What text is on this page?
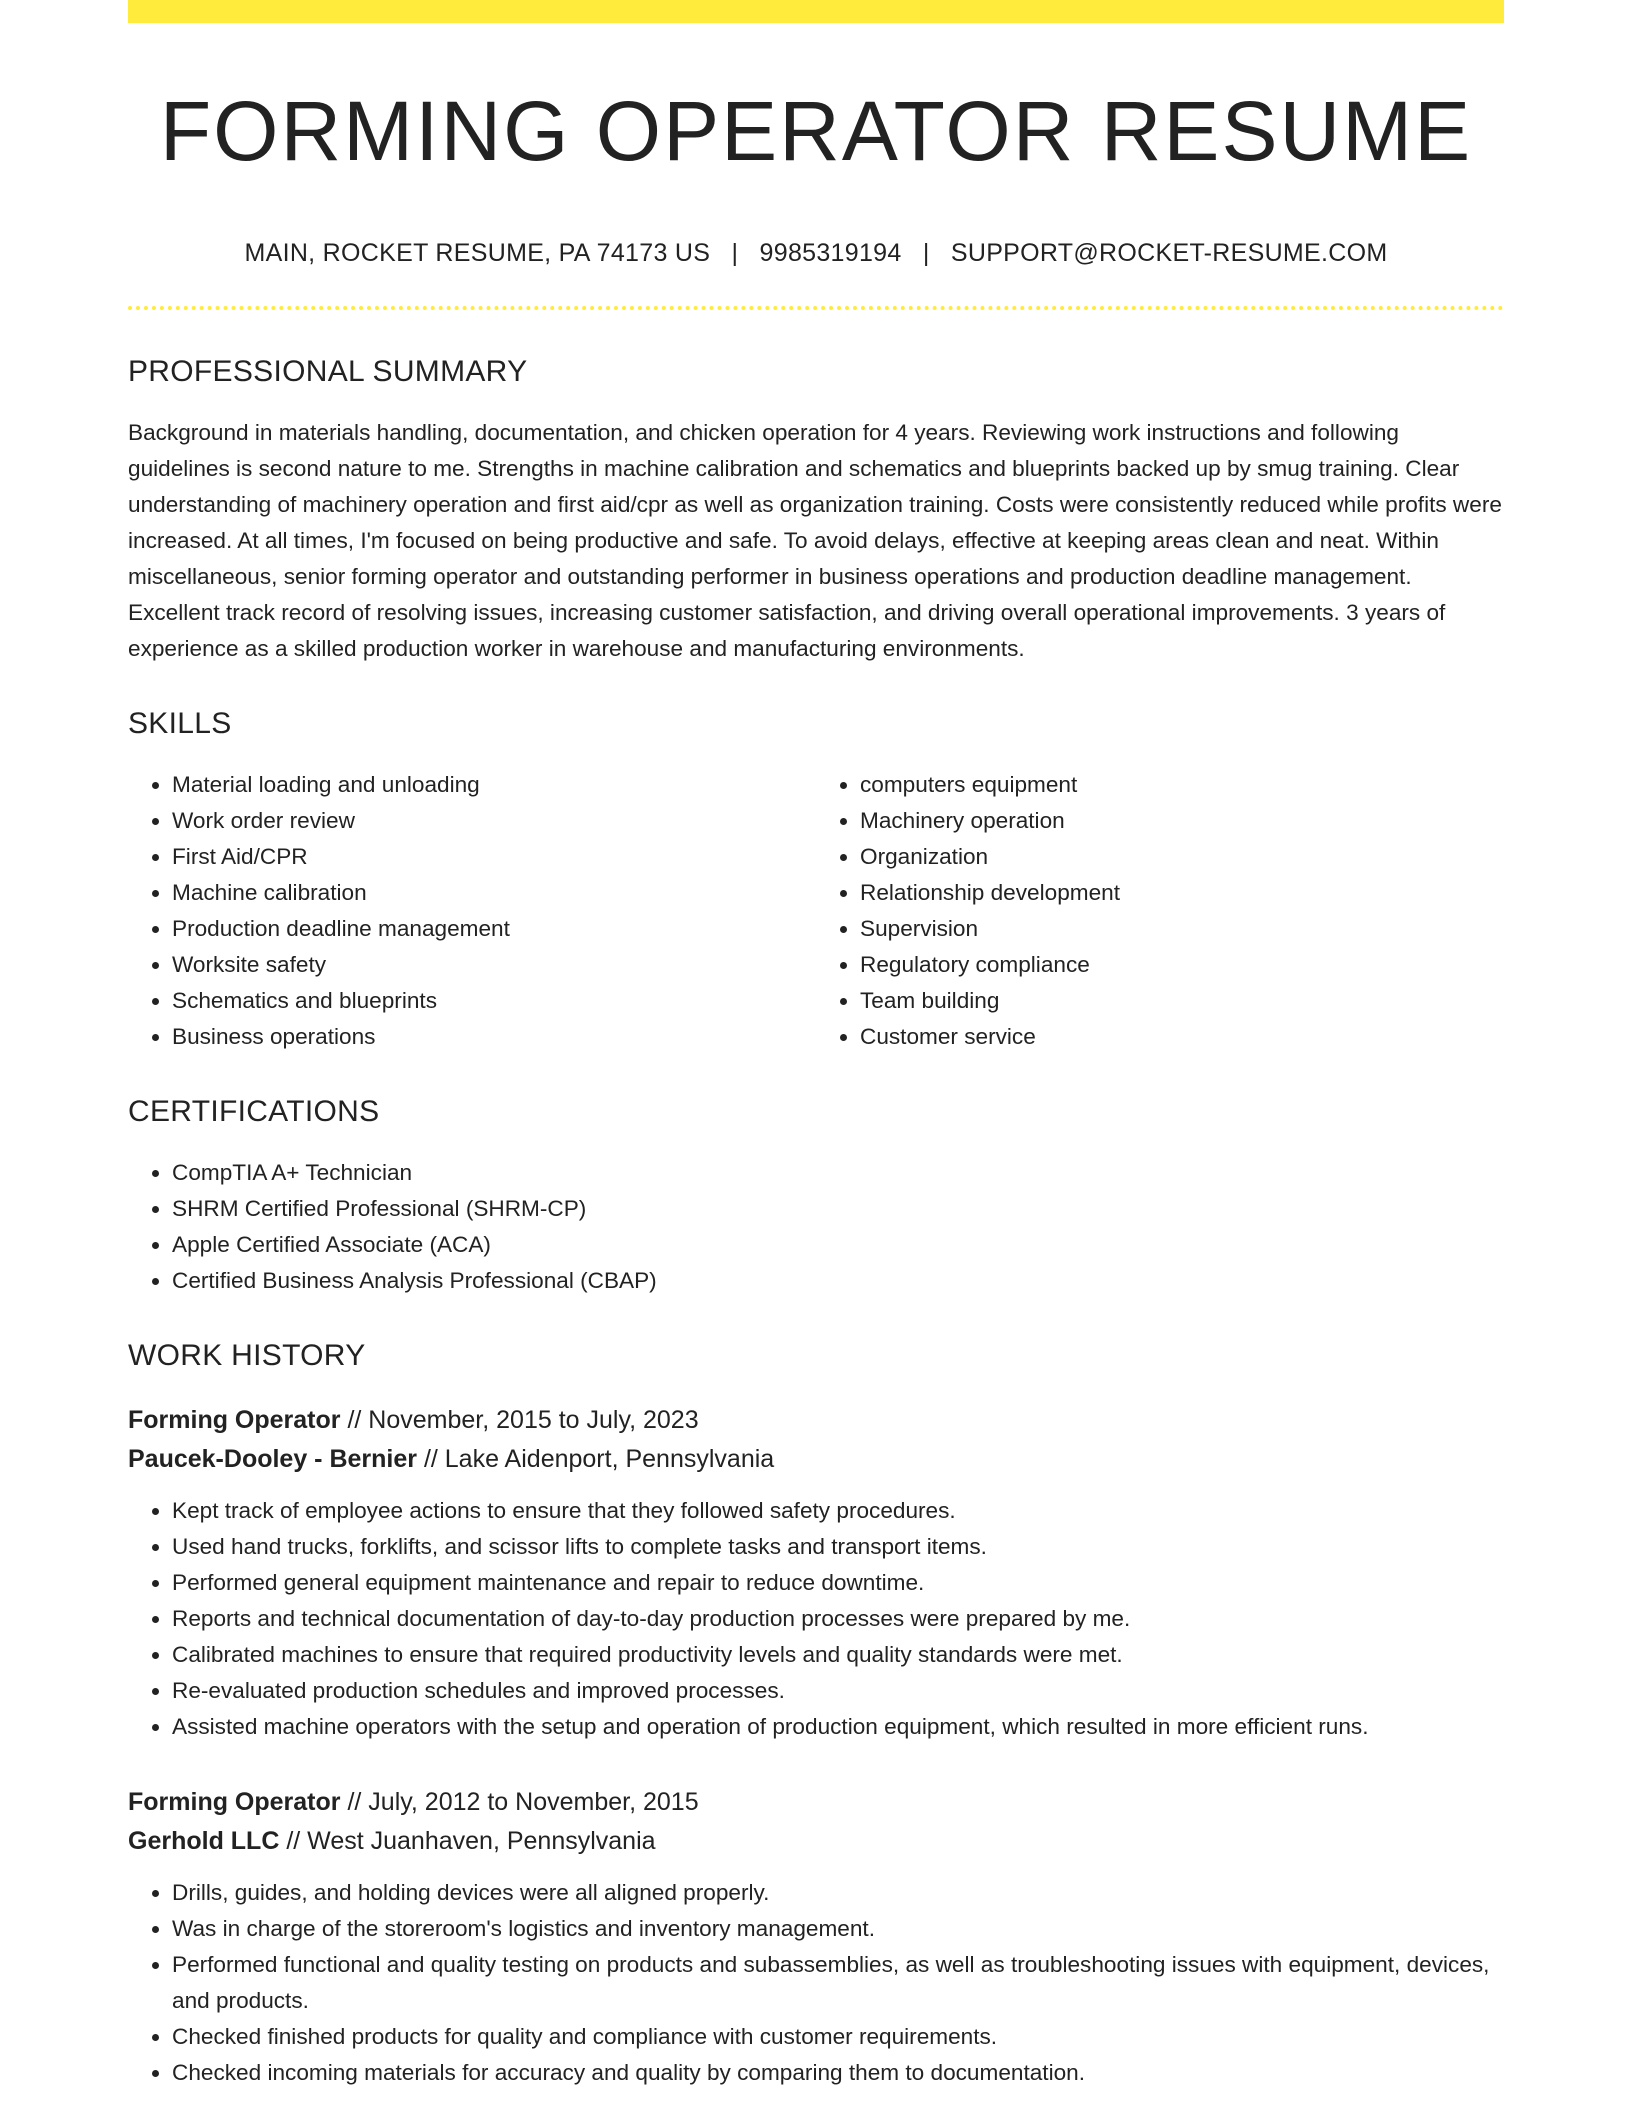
FORMING OPERATOR RESUME
MAIN, ROCKET RESUME, PA 74173 US | 9985319194 | SUPPORT@ROCKET-RESUME.COM
PROFESSIONAL SUMMARY
Background in materials handling, documentation, and chicken operation for 4 years. Reviewing work instructions and following guidelines is second nature to me. Strengths in machine calibration and schematics and blueprints backed up by smug training. Clear understanding of machinery operation and first aid/cpr as well as organization training. Costs were consistently reduced while profits were increased. At all times, I'm focused on being productive and safe. To avoid delays, effective at keeping areas clean and neat. Within miscellaneous, senior forming operator and outstanding performer in business operations and production deadline management. Excellent track record of resolving issues, increasing customer satisfaction, and driving overall operational improvements. 3 years of experience as a skilled production worker in warehouse and manufacturing environments.
SKILLS
• Material loading and unloading
• Work order review
• First Aid/CPR
• Machine calibration
• Production deadline management
• Worksite safety
• Schematics and blueprints
• Business operations
• computers equipment
• Machinery operation
• Organization
• Relationship development
• Supervision
• Regulatory compliance
• Team building
• Customer service
CERTIFICATIONS
• CompTIA A+ Technician
• SHRM Certified Professional (SHRM-CP)
• Apple Certified Associate (ACA)
• Certified Business Analysis Professional (CBAP)
WORK HISTORY
Forming Operator // November, 2015 to July, 2023
Paucek-Dooley - Bernier // Lake Aidenport, Pennsylvania
• Kept track of employee actions to ensure that they followed safety procedures.
• Used hand trucks, forklifts, and scissor lifts to complete tasks and transport items.
• Performed general equipment maintenance and repair to reduce downtime.
• Reports and technical documentation of day-to-day production processes were prepared by me.
• Calibrated machines to ensure that required productivity levels and quality standards were met.
• Re-evaluated production schedules and improved processes.
• Assisted machine operators with the setup and operation of production equipment, which resulted in more efficient runs.
Forming Operator // July, 2012 to November, 2015
Gerhold LLC // West Juanhaven, Pennsylvania
• Drills, guides, and holding devices were all aligned properly.
• Was in charge of the storeroom's logistics and inventory management.
• Performed functional and quality testing on products and subassemblies, as well as troubleshooting issues with equipment, devices, and products.
• Checked finished products for quality and compliance with customer requirements.
• Checked incoming materials for accuracy and quality by comparing them to documentation.
